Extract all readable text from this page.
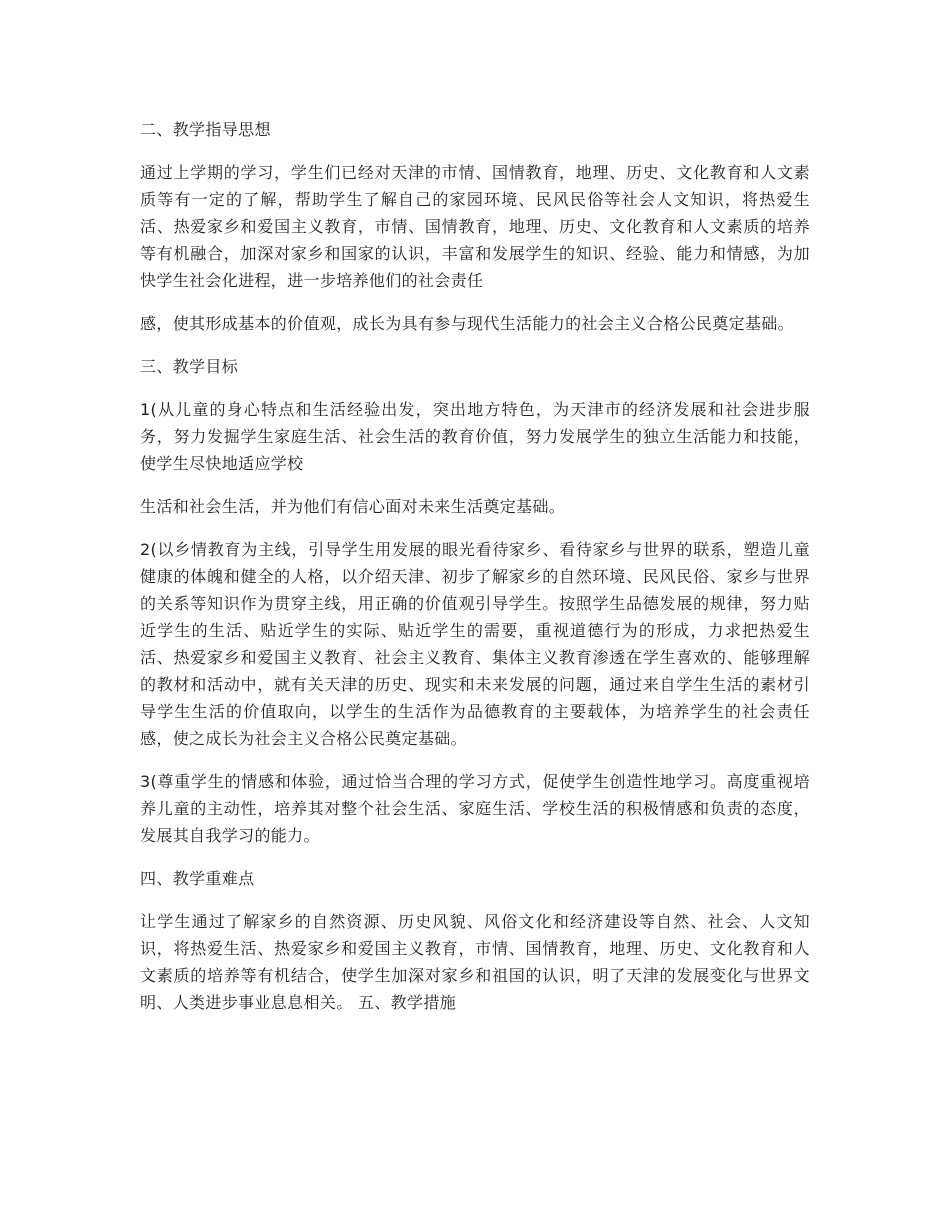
二、教学指导思想

通过上学期的学习，学生们已经对天津的市情、国情教育，地理、历史、文化教育和人文素质等有一定的了解，帮助学生了解自己的家园环境、民风民俗等社会人文知识，将热爱生活、热爱家乡和爱国主义教育，市情、国情教育，地理、历史、文化教育和人文素质的培养等有机融合，加深对家乡和国家的认识，丰富和发展学生的知识、经验、能力和情感，为加快学生社会化进程，进一步培养他们的社会责任

感，使其形成基本的价值观，成长为具有参与现代生活能力的社会主义合格公民奠定基础。

三、教学目标

1(从儿童的身心特点和生活经验出发，突出地方特色，为天津市的经济发展和社会进步服务，努力发掘学生家庭生活、社会生活的教育价值，努力发展学生的独立生活能力和技能，使学生尽快地适应学校

生活和社会生活，并为他们有信心面对未来生活奠定基础。

2(以乡情教育为主线，引导学生用发展的眼光看待家乡、看待家乡与世界的联系，塑造儿童健康的体魄和健全的人格，以介绍天津、初步了解家乡的自然环境、民风民俗、家乡与世界的关系等知识作为贯穿主线，用正确的价值观引导学生。按照学生品德发展的规律，努力贴近学生的生活、贴近学生的实际、贴近学生的需要，重视道德行为的形成，力求把热爱生活、热爱家乡和爱国主义教育、社会主义教育、集体主义教育渗透在学生喜欢的、能够理解的教材和活动中，就有关天津的历史、现实和未来发展的问题，通过来自学生生活的素材引导学生生活的价值取向，以学生的生活作为品德教育的主要载体，为培养学生的社会责任感，使之成长为社会主义合格公民奠定基础。

3(尊重学生的情感和体验，通过恰当合理的学习方式，促使学生创造性地学习。高度重视培养儿童的主动性，培养其对整个社会生活、家庭生活、学校生活的积极情感和负责的态度，发展其自我学习的能力。

四、教学重难点

让学生通过了解家乡的自然资源、历史风貌、风俗文化和经济建设等自然、社会、人文知识，将热爱生活、热爱家乡和爱国主义教育，市情、国情教育，地理、历史、文化教育和人文素质的培养等有机结合，使学生加深对家乡和祖国的认识，明了天津的发展变化与世界文明、人类进步事业息息相关。 五、教学措施
